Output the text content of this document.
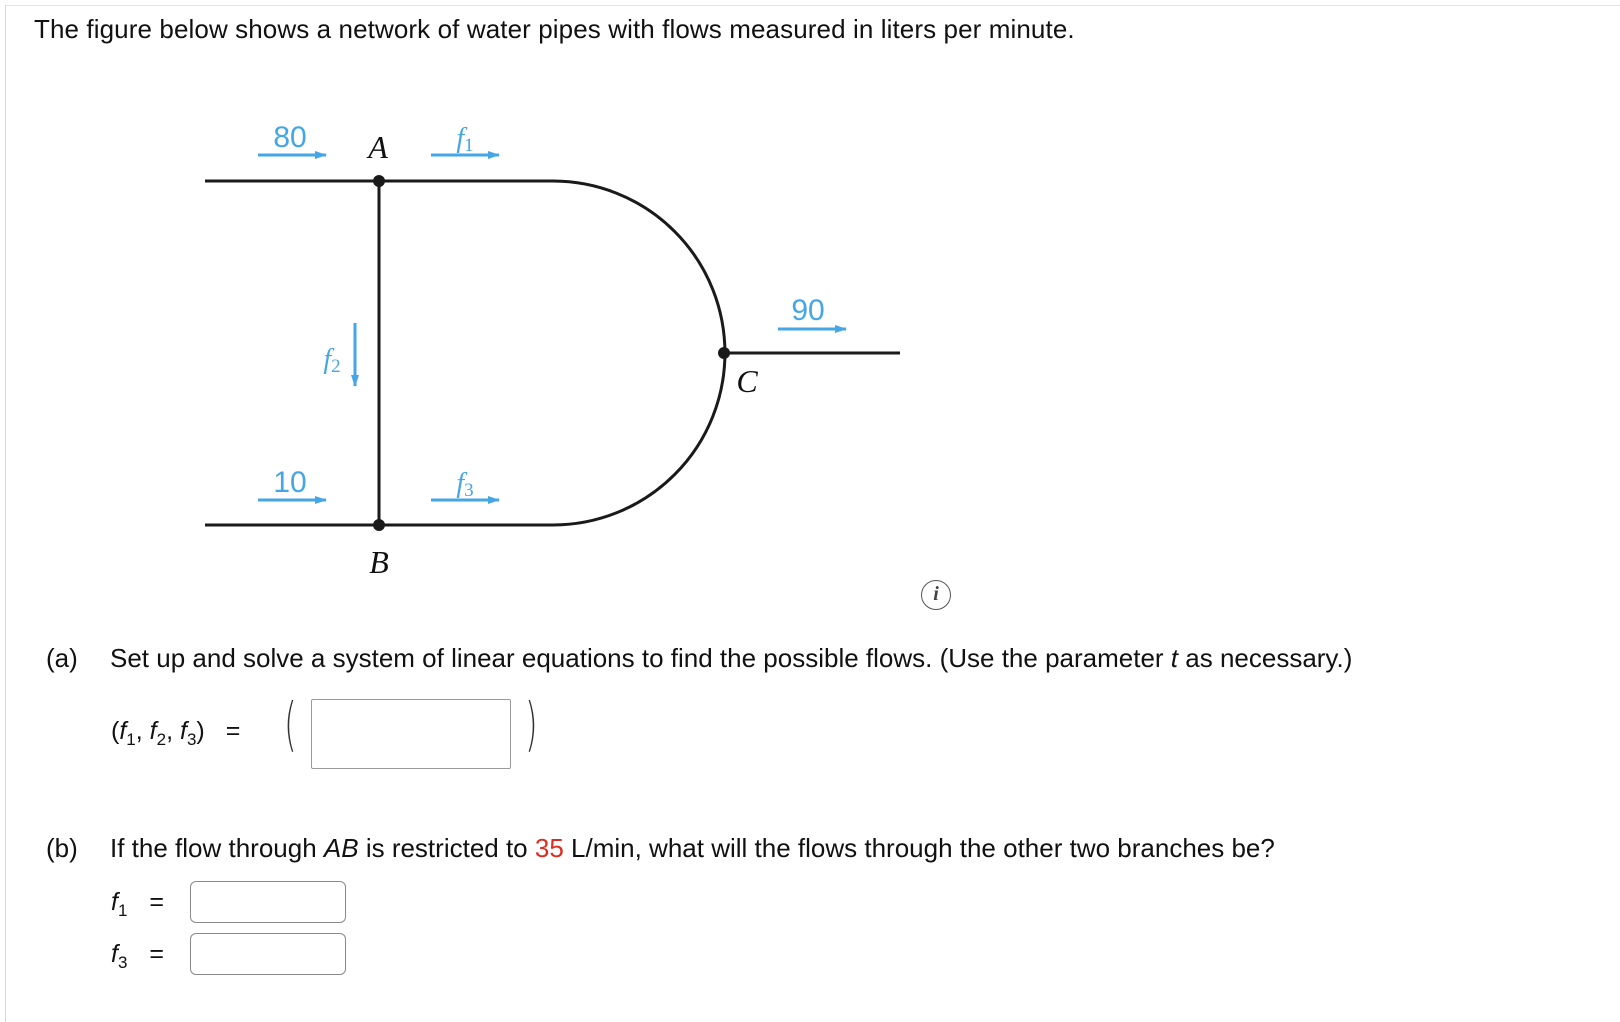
The figure below shows a network of water pipes with flows measured in liters per minute.
80 A f1
90
f2	C
10	f3
B
i
(a) Set up and solve a system of linear equations to find the possible flows. (Use the parameter t as necessary.)
($f_1$, $f_2$, $f_3$) = (	)
(b) If the flow through AB is restricted to 35 L/min, what will the flows through the other two branches be?
$f_1$ =
$f_3$ =
